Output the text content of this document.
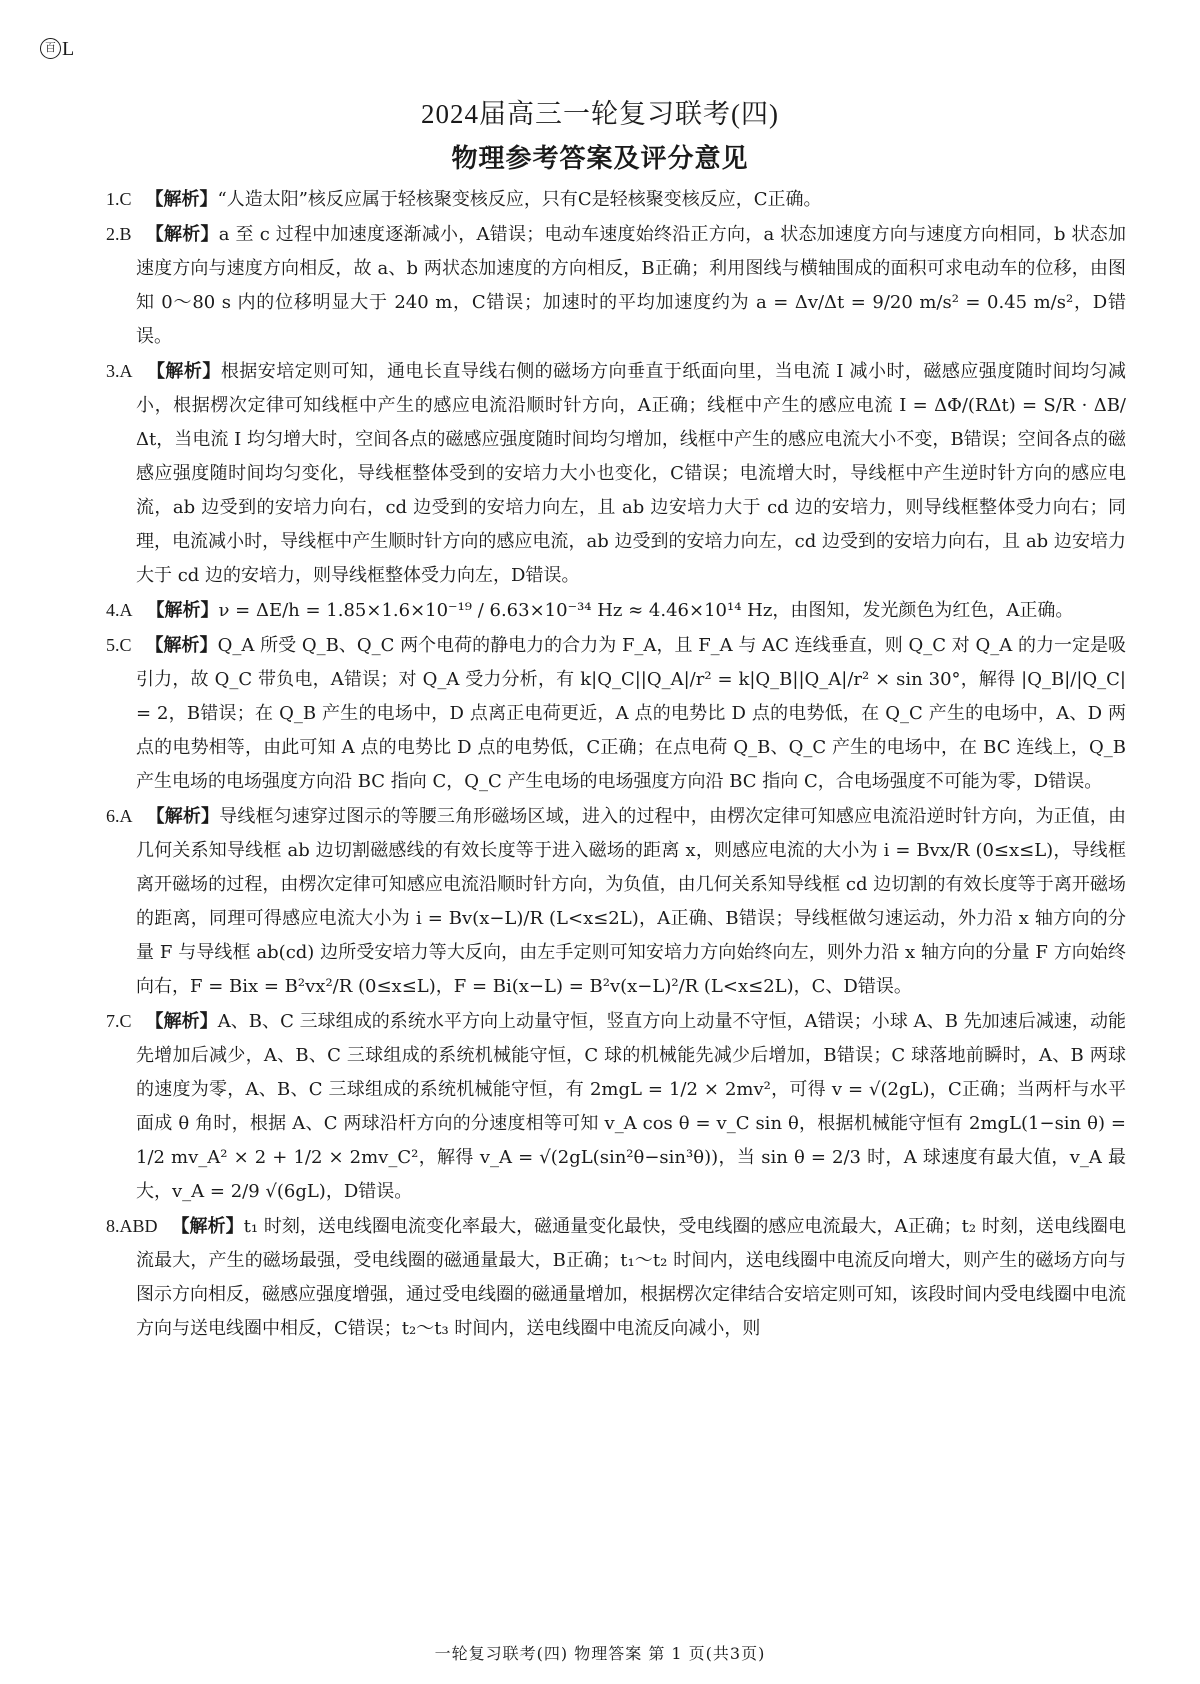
百 L
2024届高三一轮复习联考(四)
物理参考答案及评分意见
1.C 【解析】“人造太阳”核反应属于轻核聚变核反应，只有C是轻核聚变核反应，C正确。
2.B 【解析】a 至 c 过程中加速度逐渐减小，A错误；电动车速度始终沿正方向，a 状态加速度方向与速度方向相同，b 状态加速度方向与速度方向相反，故 a、b 两状态加速度的方向相反，B正确；利用图线与横轴围成的面积可求电动车的位移，由图知 0～80 s 内的位移明显大于 240 m，C错误；加速时的平均加速度约为 a = Δv/Δt = 9/20 m/s² = 0.45 m/s²，D错误。
3.A 【解析】根据安培定则可知，通电长直导线右侧的磁场方向垂直于纸面向里，当电流 I 减小时，磁感应强度随时间均匀减小，根据楞次定律可知线框中产生的感应电流沿顺时针方向，A正确；线框中产生的感应电流 I = ΔΦ/(RΔt) = S/R · ΔB/Δt，当电流 I 均匀增大时，空间各点的磁感应强度随时间均匀增加，线框中产生的感应电流大小不变，B错误；空间各点的磁感应强度随时间均匀变化，导线框整体受到的安培力大小也变化，C错误；电流增大时，导线框中产生逆时针方向的感应电流，ab 边受到的安培力向右，cd 边受到的安培力向左，且 ab 边安培力大于 cd 边的安培力，则导线框整体受力向右；同理，电流减小时，导线框中产生顺时针方向的感应电流，ab 边受到的安培力向左，cd 边受到的安培力向右，且 ab 边安培力大于 cd 边的安培力，则导线框整体受力向左，D错误。
4.A 【解析】ν = ΔE/h = 1.85×1.6×10⁻¹⁹ / 6.63×10⁻³⁴ Hz ≈ 4.46×10¹⁴ Hz，由图知，发光颜色为红色，A正确。
5.C 【解析】Q_A 所受 Q_B、Q_C 两个电荷的静电力的合力为 F_A，且 F_A 与 AC 连线垂直，则 Q_C 对 Q_A 的力一定是吸引力，故 Q_C 带负电，A错误；对 Q_A 受力分析，有 k|Q_C||Q_A|/r² = k|Q_B||Q_A|/r² × sin 30°，解得 |Q_B|/|Q_C| = 2，B错误；在 Q_B 产生的电场中，D 点离正电荷更近，A 点的电势比 D 点的电势低，在 Q_C 产生的电场中，A、D 两点的电势相等，由此可知 A 点的电势比 D 点的电势低，C正确；在点电荷 Q_B、Q_C 产生的电场中，在 BC 连线上，Q_B 产生电场的电场强度方向沿 BC 指向 C，Q_C 产生电场的电场强度方向沿 BC 指向 C，合电场强度不可能为零，D错误。
6.A 【解析】导线框匀速穿过图示的等腰三角形磁场区域，进入的过程中，由楞次定律可知感应电流沿逆时针方向，为正值，由几何关系知导线框 ab 边切割磁感线的有效长度等于进入磁场的距离 x，则感应电流的大小为 i = Bvx/R (0≤x≤L)，导线框离开磁场的过程，由楞次定律可知感应电流沿顺时针方向，为负值，由几何关系知导线框 cd 边切割的有效长度等于离开磁场的距离，同理可得感应电流大小为 i = Bv(x−L)/R (L<x≤2L)，A正确、B错误；导线框做匀速运动，外力沿 x 轴方向的分量 F 与导线框 ab(cd) 边所受安培力等大反向，由左手定则可知安培力方向始终向左，则外力沿 x 轴方向的分量 F 方向始终向右，F = Bix = B²vx²/R (0≤x≤L)，F = Bi(x−L) = B²v(x−L)²/R (L<x≤2L)，C、D错误。
7.C 【解析】A、B、C 三球组成的系统水平方向上动量守恒，竖直方向上动量不守恒，A错误；小球 A、B 先加速后减速，动能先增加后减少，A、B、C 三球组成的系统机械能守恒，C 球的机械能先减少后增加，B错误；C 球落地前瞬时，A、B 两球的速度为零，A、B、C 三球组成的系统机械能守恒，有 2mgL = 1/2 × 2mv²，可得 v = √(2gL)，C正确；当两杆与水平面成 θ 角时，根据 A、C 两球沿杆方向的分速度相等可知 v_A cos θ = v_C sin θ，根据机械能守恒有 2mgL(1−sin θ) = 1/2 mv_A² × 2 + 1/2 × 2mv_C²，解得 v_A = √(2gL(sin²θ−sin³θ))，当 sin θ = 2/3 时，A 球速度有最大值，v_A 最大，v_A = 2/9 √(6gL)，D错误。
8.ABD 【解析】t₁ 时刻，送电线圈电流变化率最大，磁通量变化最快，受电线圈的感应电流最大，A正确；t₂ 时刻，送电线圈电流最大，产生的磁场最强，受电线圈的磁通量最大，B正确；t₁～t₂ 时间内，送电线圈中电流反向增大，则产生的磁场方向与图示方向相反，磁感应强度增强，通过受电线圈的磁通量增加，根据楞次定律结合安培定则可知，该段时间内受电线圈中电流方向与送电线圈中相反，C错误；t₂～t₃ 时间内，送电线圈中电流反向减小，则
一轮复习联考(四) 物理答案 第 1 页(共3页)
